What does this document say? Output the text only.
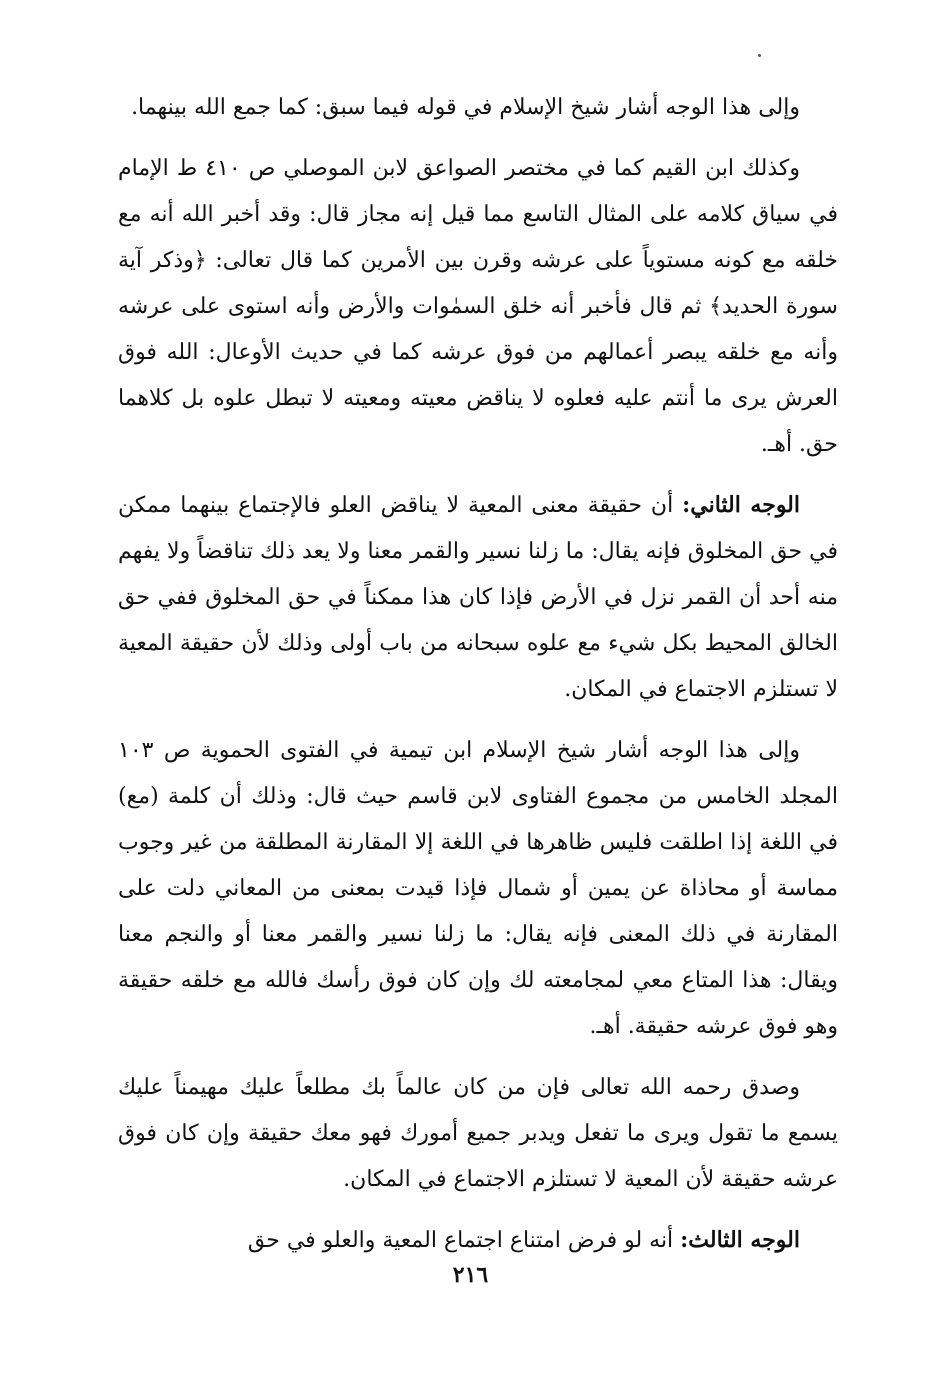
وإلى هذا الوجه أشار شيخ الإسلام في قوله فيما سبق: كما جمع الله بينهما.

وكذلك ابن القيم كما في مختصر الصواعق لابن الموصلي ص ٤١٠ ط الإمام في سياق كلامه على المثال التاسع مما قيل إنه مجاز قال: وقد أخبر الله أنه مع خلقه مع كونه مستوياً على عرشه وقرن بين الأمرين كما قال تعالى: ﴿وذكر آية سورة الحديد﴾ ثم قال فأخبر أنه خلق السمٰوات والأرض وأنه استوى على عرشه وأنه مع خلقه يبصر أعمالهم من فوق عرشه كما في حديث الأوعال: الله فوق العرش يرى ما أنتم عليه فعلوه لا يناقض معيته ومعيته لا تبطل علوه بل كلاهما حق. أهـ.

الوجه الثاني: أن حقيقة معنى المعية لا يناقض العلو فالإجتماع بينهما ممكن في حق المخلوق فإنه يقال: ما زلنا نسير والقمر معنا ولا يعد ذلك تناقضاً ولا يفهم منه أحد أن القمر نزل في الأرض فإذا كان هذا ممكناً في حق المخلوق ففي حق الخالق المحيط بكل شيء مع علوه سبحانه من باب أولى وذلك لأن حقيقة المعية لا تستلزم الاجتماع في المكان.

وإلى هذا الوجه أشار شيخ الإسلام ابن تيمية في الفتوى الحموية ص ١٠٣ المجلد الخامس من مجموع الفتاوى لابن قاسم حيث قال: وذلك أن كلمة (مع) في اللغة إذا اطلقت فليس ظاهرها في اللغة إلا المقارنة المطلقة من غير وجوب مماسة أو محاذاة عن يمين أو شمال فإذا قيدت بمعنى من المعاني دلت على المقارنة في ذلك المعنى فإنه يقال: ما زلنا نسير والقمر معنا أو والنجم معنا ويقال: هذا المتاع معي لمجامعته لك وإن كان فوق رأسك فالله مع خلقه حقيقة وهو فوق عرشه حقيقة. أهـ.

وصدق رحمه الله تعالى فإن من كان عالماً بك مطلعاً عليك مهيمناً عليك يسمع ما تقول ويرى ما تفعل ويدبر جميع أمورك فهو معك حقيقة وإن كان فوق عرشه حقيقة لأن المعية لا تستلزم الاجتماع في المكان.

الوجه الثالث: أنه لو فرض امتناع اجتماع المعية والعلو في حق

٢١٦
